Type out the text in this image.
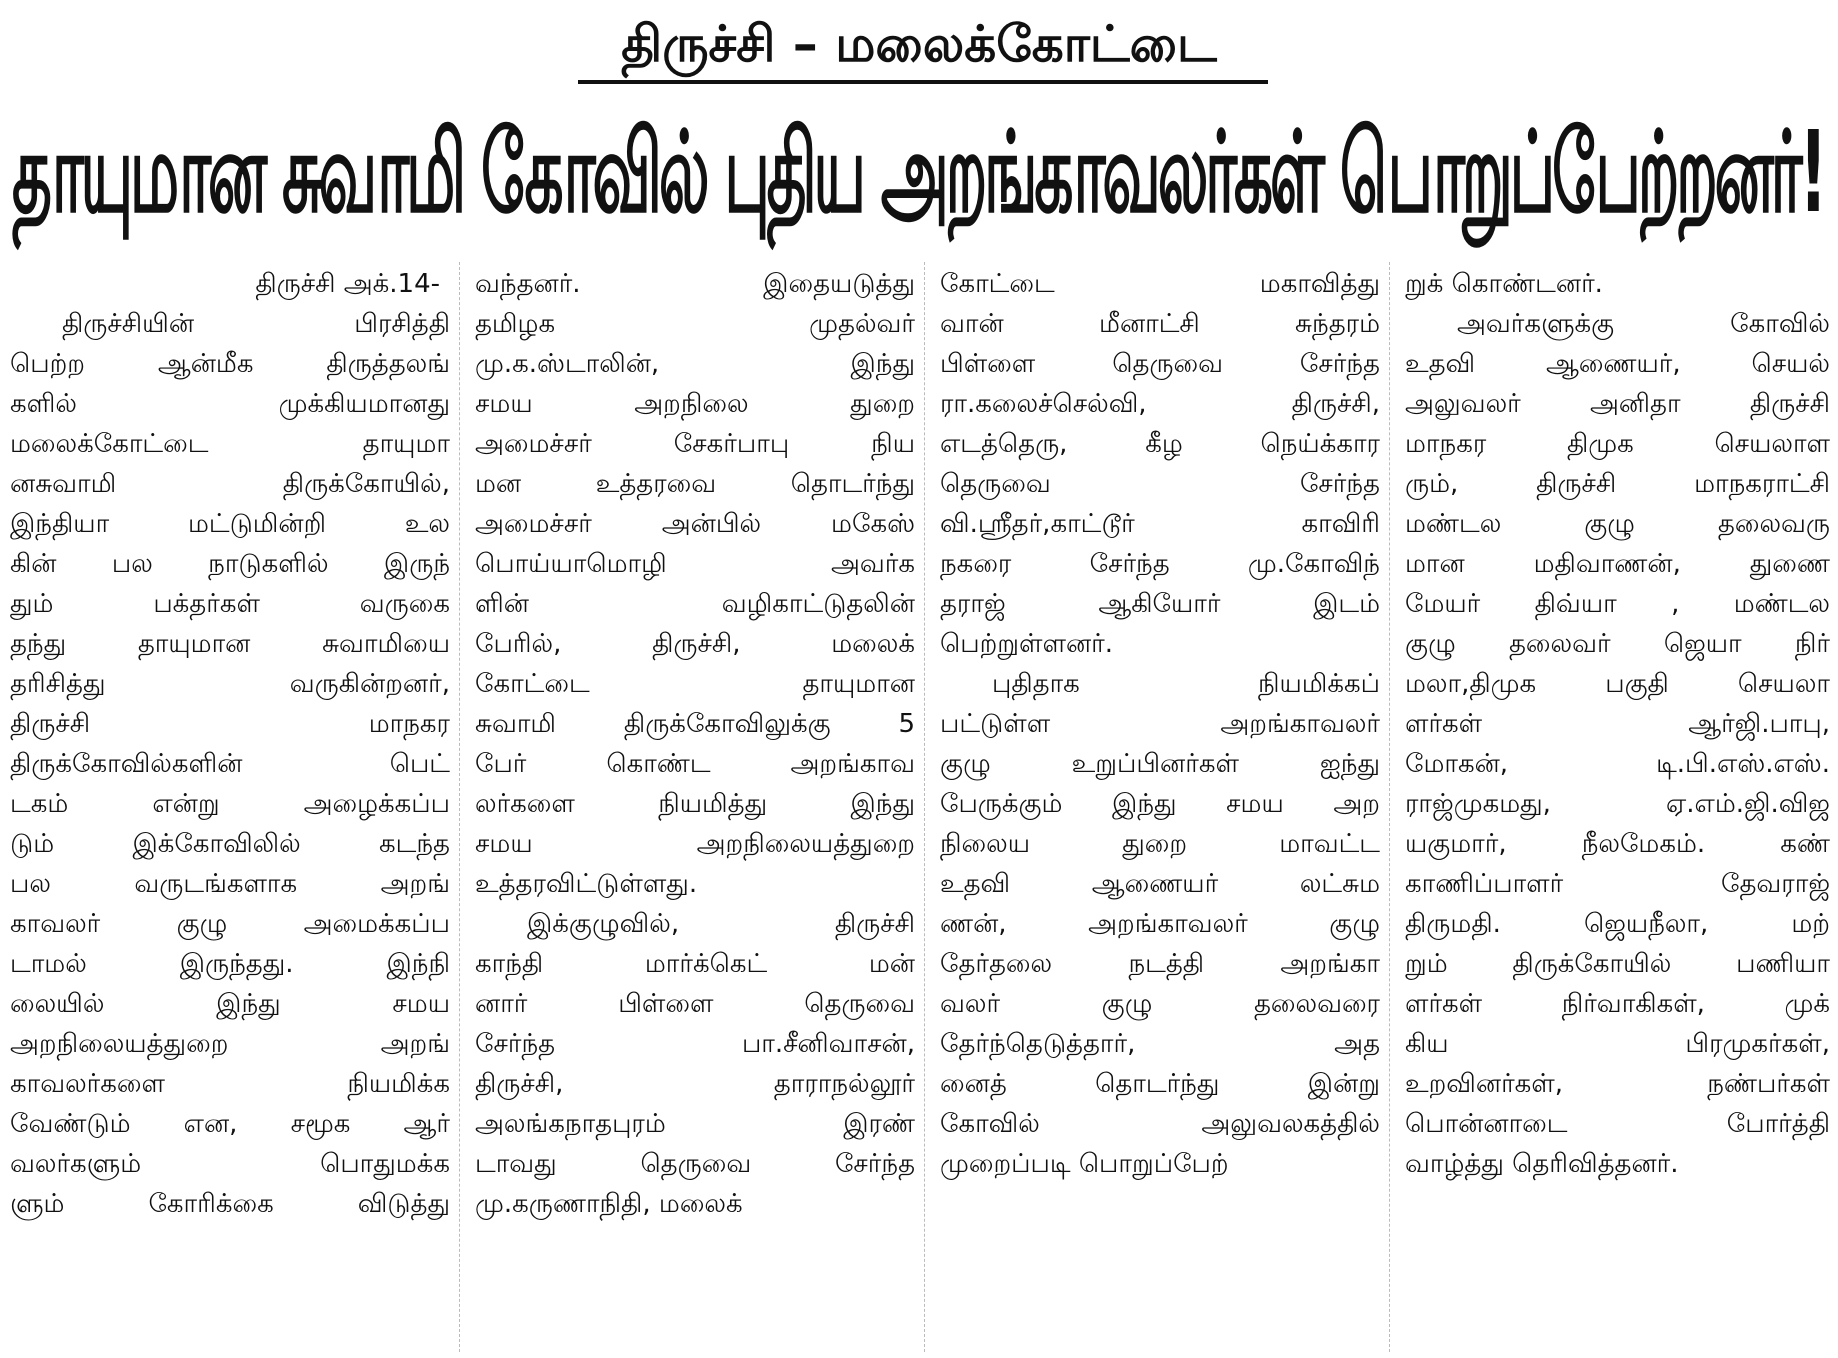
திருச்சி – மலைக்கோட்டை
தாயுமான சுவாமி கோவில் புதிய அறங்காவலர்கள் பொறுப்பேற்றனர்!
திருச்சி அக்.14-
திருச்சியின் பிரசித்தி
பெற்ற ஆன்மீக திருத்தலங்
களில் முக்கியமானது
மலைக்கோட்டை தாயுமா
னசுவாமி திருக்கோயில்,
இந்தியா மட்டுமின்றி உல
கின் பல நாடுகளில் இருந்
தும் பக்தர்கள் வருகை
தந்து தாயுமான சுவாமியை
தரிசித்து வருகின்றனர்,
திருச்சி மாநகர
திருக்கோவில்களின் பெட்
டகம் என்று அழைக்கப்ப
டும் இக்கோவிலில் கடந்த
பல வருடங்களாக அறங்
காவலர் குழு அமைக்கப்ப
டாமல் இருந்தது. இந்நி
லையில் இந்து சமய
அறநிலையத்துறை அறங்
காவலர்களை நியமிக்க
வேண்டும் என, சமூக ஆர்
வலர்களும் பொதுமக்க
ளும் கோரிக்கை விடுத்து
வந்தனர். இதையடுத்து
தமிழக முதல்வர்
மு.க.ஸ்டாலின், இந்து
சமய அறநிலை துறை
அமைச்சர் சேகர்பாபு நிய
மன உத்தரவை தொடர்ந்து
அமைச்சர் அன்பில் மகேஸ்
பொய்யாமொழி அவர்க
ளின் வழிகாட்டுதலின்
பேரில், திருச்சி, மலைக்
கோட்டை தாயுமான
சுவாமி திருக்கோவிலுக்கு 5
பேர் கொண்ட அறங்காவ
லர்களை நியமித்து இந்து
சமய அறநிலையத்துறை
உத்தரவிட்டுள்ளது.
இக்குழுவில், திருச்சி
காந்தி மார்க்கெட் மன்
னார் பிள்ளை தெருவை
சேர்ந்த பா.சீனிவாசன்,
திருச்சி, தாராநல்லூர்
அலங்கநாதபுரம் இரண்
டாவது தெருவை சேர்ந்த
மு.கருணாநிதி, மலைக்
கோட்டை மகாவித்து
வான் மீனாட்சி சுந்தரம்
பிள்ளை தெருவை சேர்ந்த
ரா.கலைச்செல்வி, திருச்சி,
எடத்தெரு, கீழ நெய்க்கார
தெருவை சேர்ந்த
வி.ஸ்ரீதர்,காட்டூர் காவிரி
நகரை சேர்ந்த மு.கோவிந்
தராஜ் ஆகியோர் இடம்
பெற்றுள்ளனர்.
புதிதாக நியமிக்கப்
பட்டுள்ள அறங்காவலர்
குழு உறுப்பினர்கள் ஐந்து
பேருக்கும் இந்து சமய அற
நிலைய துறை மாவட்ட
உதவி ஆணையர் லட்சும
ணன், அறங்காவலர் குழு
தேர்தலை நடத்தி அறங்கா
வலர் குழு தலைவரை
தேர்ந்தெடுத்தார், அத
னைத் தொடர்ந்து இன்று
கோவில் அலுவலகத்தில்
முறைப்படி பொறுப்பேற்
றுக் கொண்டனர்.
அவர்களுக்கு கோவில்
உதவி ஆணையர், செயல்
அலுவலர் அனிதா திருச்சி
மாநகர திமுக செயலாள
ரும், திருச்சி மாநகராட்சி
மண்டல குழு தலைவரு
மான மதிவாணன், துணை
மேயர் திவ்யா , மண்டல
குழு தலைவர் ஜெயா நிர்
மலா,திமுக பகுதி செயலா
ளர்கள் ஆர்ஜி.பாபு,
மோகன், டி.பி.எஸ்.எஸ்.
ராஜ்முகமது, ஏ.எம்.ஜி.விஜ
யகுமார், நீலமேகம். கண்
காணிப்பாளர் தேவராஜ்
திருமதி. ஜெயநீலா, மற்
றும் திருக்கோயில் பணியா
ளர்கள் நிர்வாகிகள், முக்
கிய பிரமுகர்கள்,
உறவினர்கள், நண்பர்கள்
பொன்னாடை போர்த்தி
வாழ்த்து தெரிவித்தனர்.
